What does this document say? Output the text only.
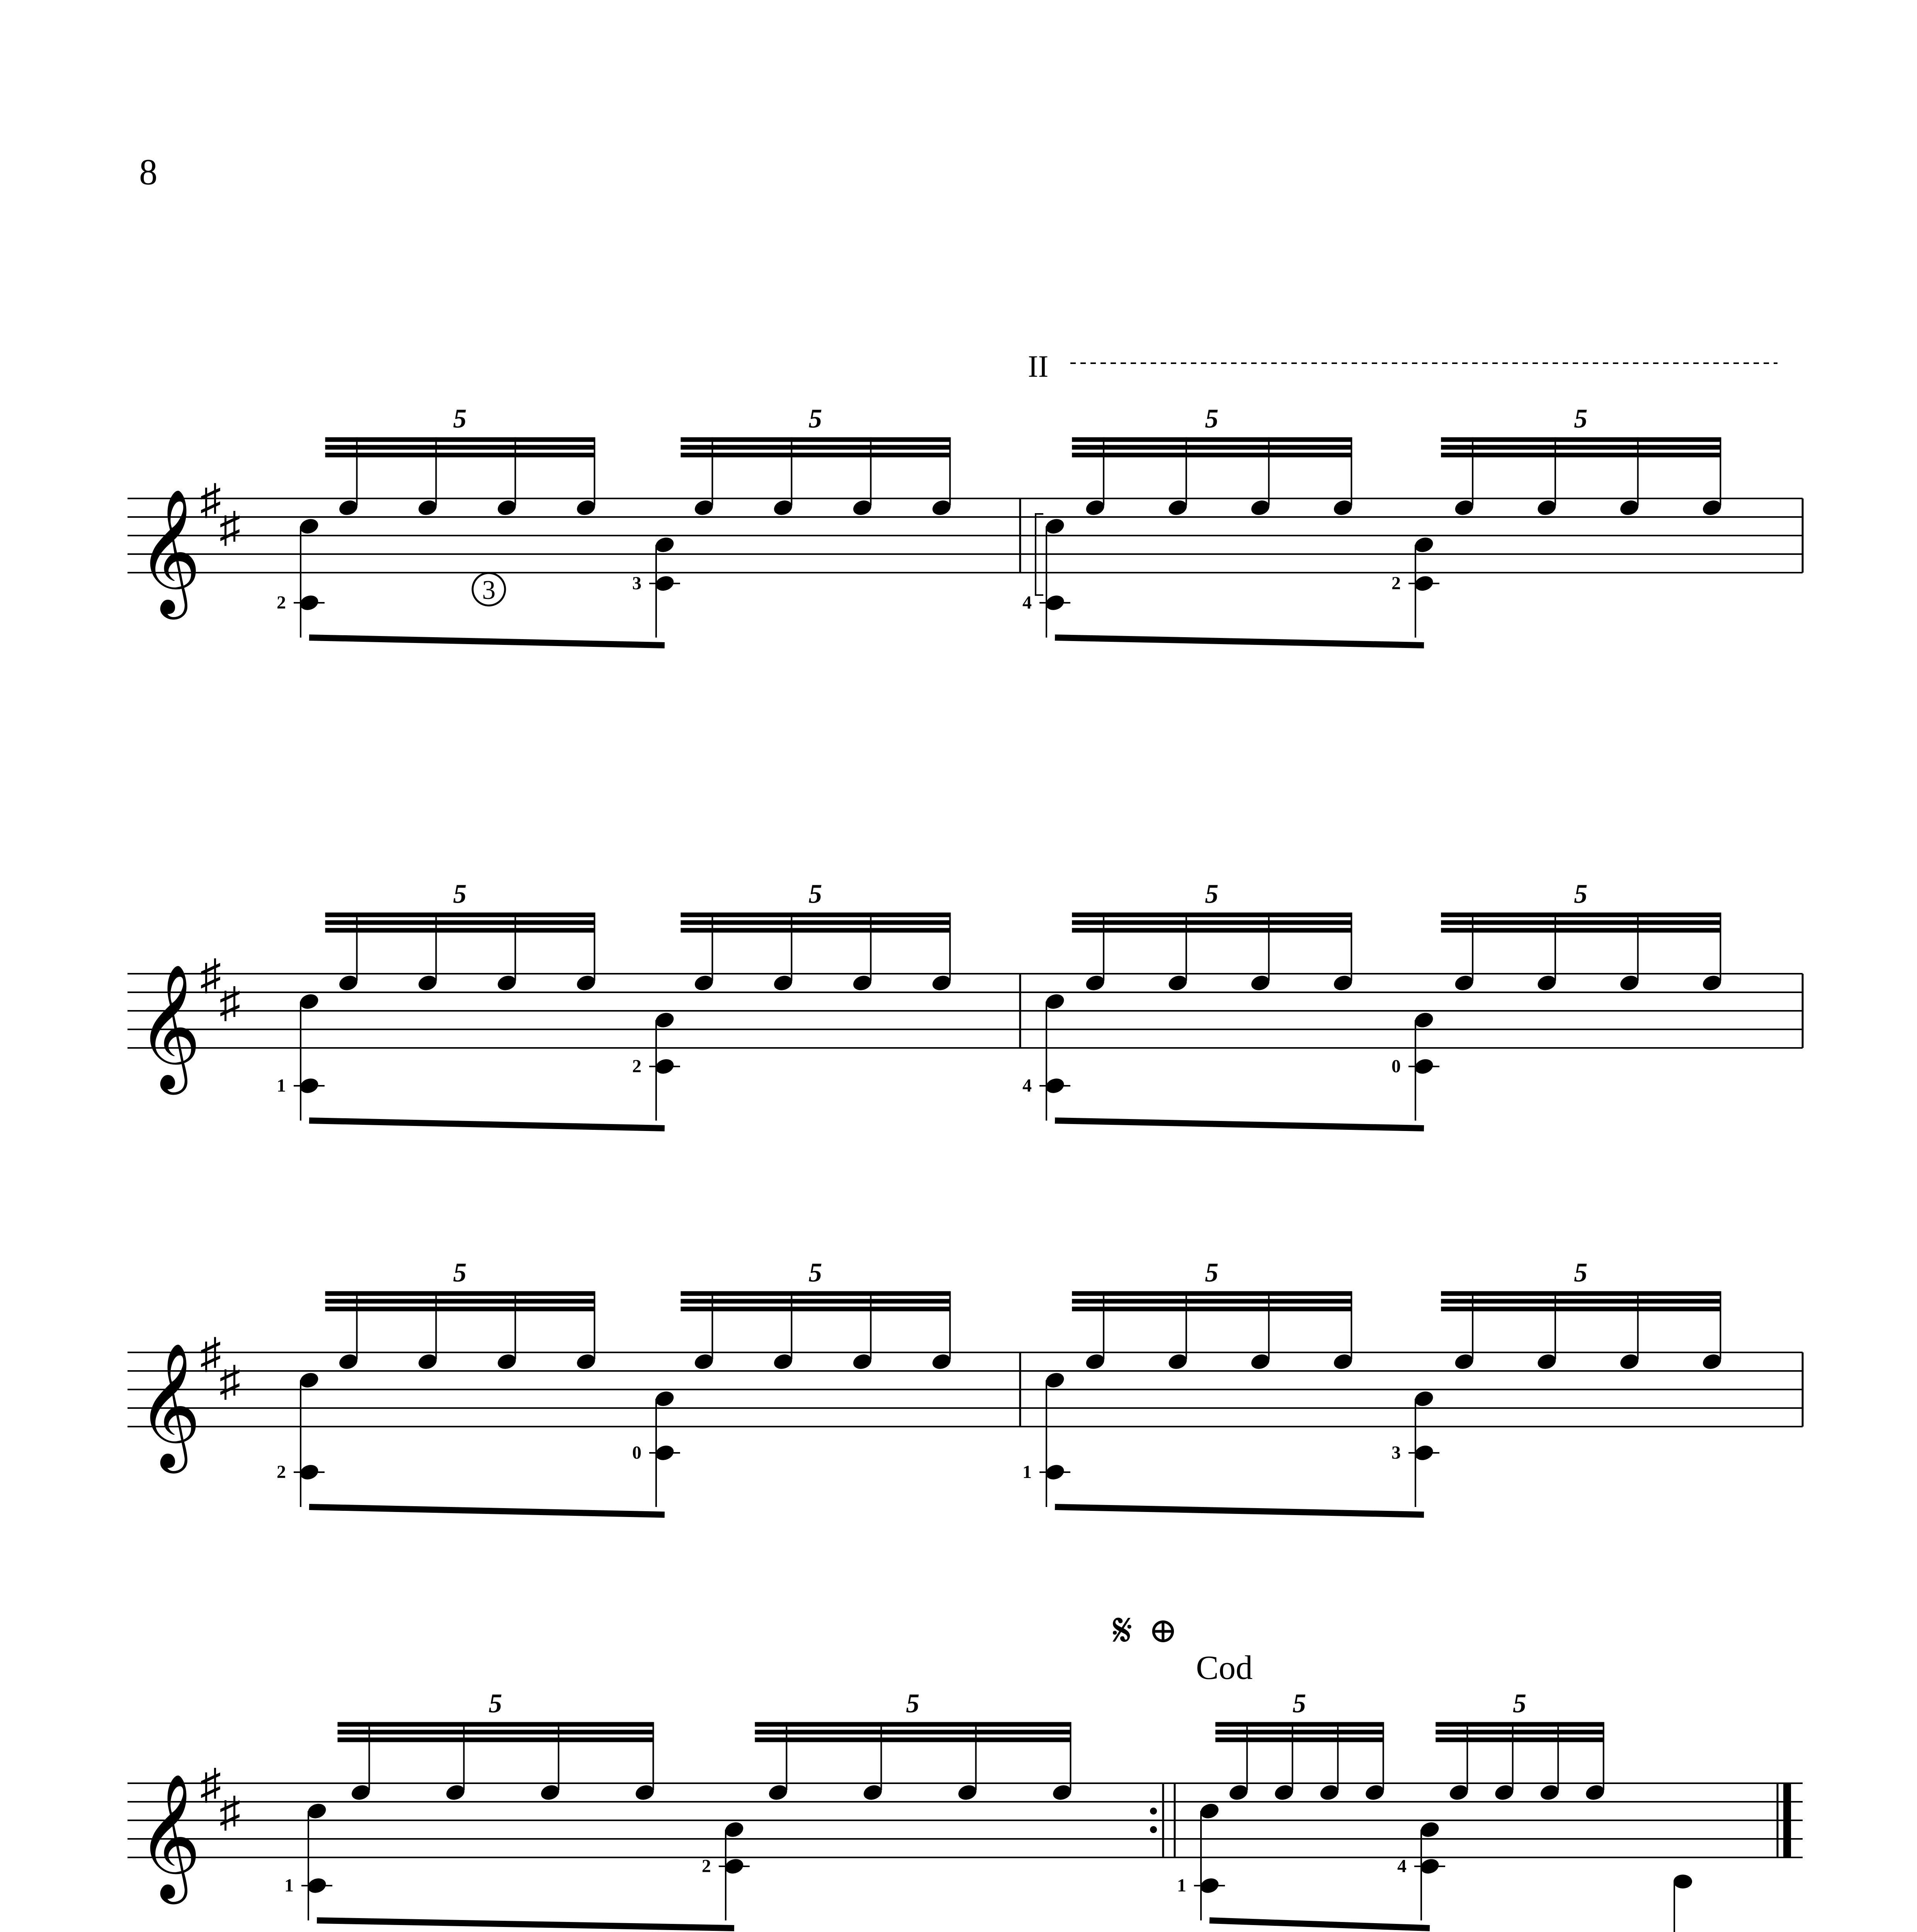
8
𝄞
♯
♯
5
2
5
3
5
4
5
2
𝄞
♯
♯
5
1
5
2
5
4
5
0
𝄞
♯
♯
5
2
5
0
5
1
5
3
𝄞
♯
♯
5
1
5
2
5
1
5
4
II
3
𝄋 ⊕
Cod
